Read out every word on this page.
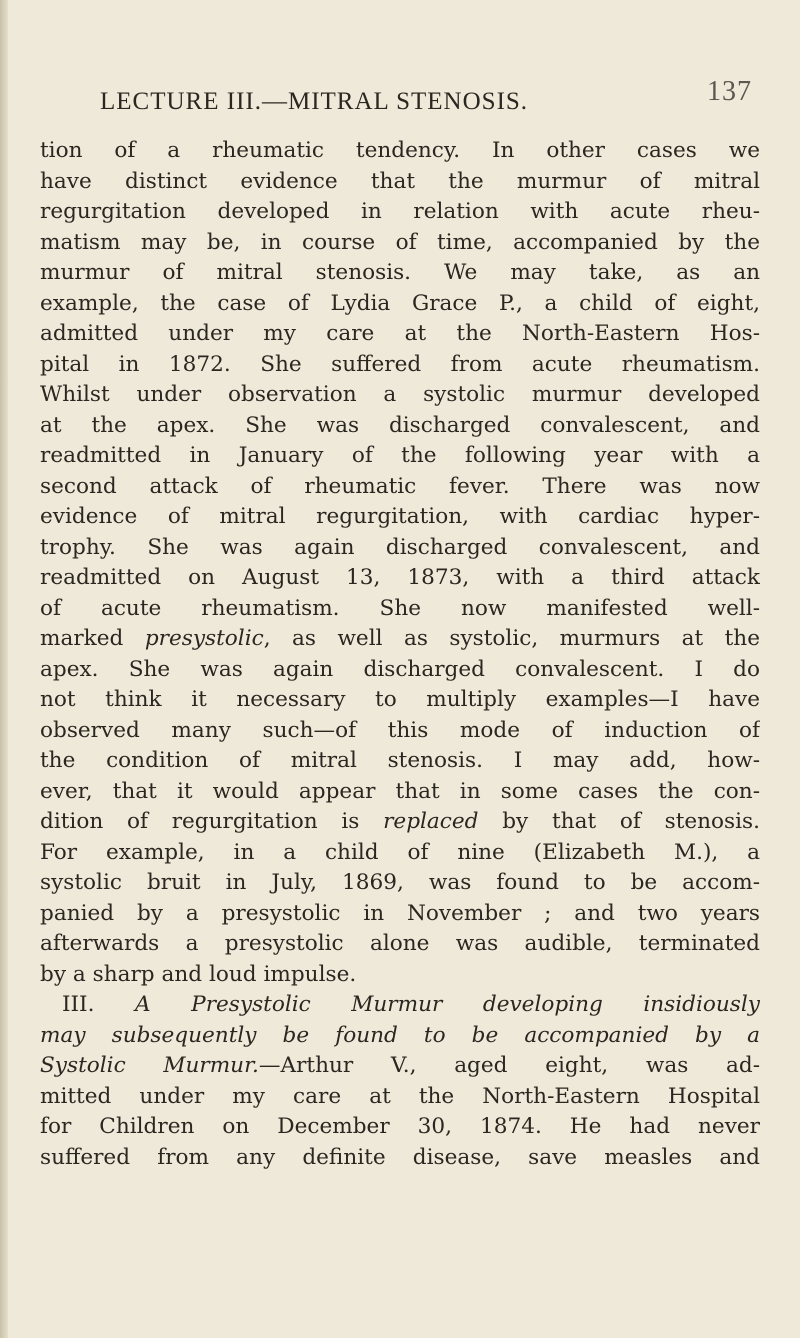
LECTURE III.—MITRAL STENOSIS.	137
tion of a rheumatic tendency. In other cases we
have distinct evidence that the murmur of mitral
regurgitation developed in relation with acute rheu-
matism may be, in course of time, accompanied by the
murmur of mitral stenosis. We may take, as an
example, the case of Lydia Grace P., a child of eight,
admitted under my care at the North-Eastern Hos-
pital in 1872. She suffered from acute rheumatism.
Whilst under observation a systolic murmur developed
at the apex. She was discharged convalescent, and
readmitted in January of the following year with a
second attack of rheumatic fever. There was now
evidence of mitral regurgitation, with cardiac hyper-
trophy. She was again discharged convalescent, and
readmitted on August 13, 1873, with a third attack
of acute rheumatism. She now manifested well-
marked presystolic, as well as systolic, murmurs at the
apex. She was again discharged convalescent. I do
not think it necessary to multiply examples—I have
observed many such—of this mode of induction of
the condition of mitral stenosis. I may add, how-
ever, that it would appear that in some cases the con-
dition of regurgitation is replaced by that of stenosis.
For example, in a child of nine (Elizabeth M.), a
systolic bruit in July, 1869, was found to be accom-
panied by a presystolic in November ; and two years
afterwards a presystolic alone was audible, terminated
by a sharp and loud impulse.
III. A Presystolic Murmur developing insidiously
may subsequently be found to be accompanied by a
Systolic Murmur.—Arthur V., aged eight, was ad-
mitted under my care at the North-Eastern Hospital
for Children on December 30, 1874. He had never
suffered from any definite disease, save measles and
